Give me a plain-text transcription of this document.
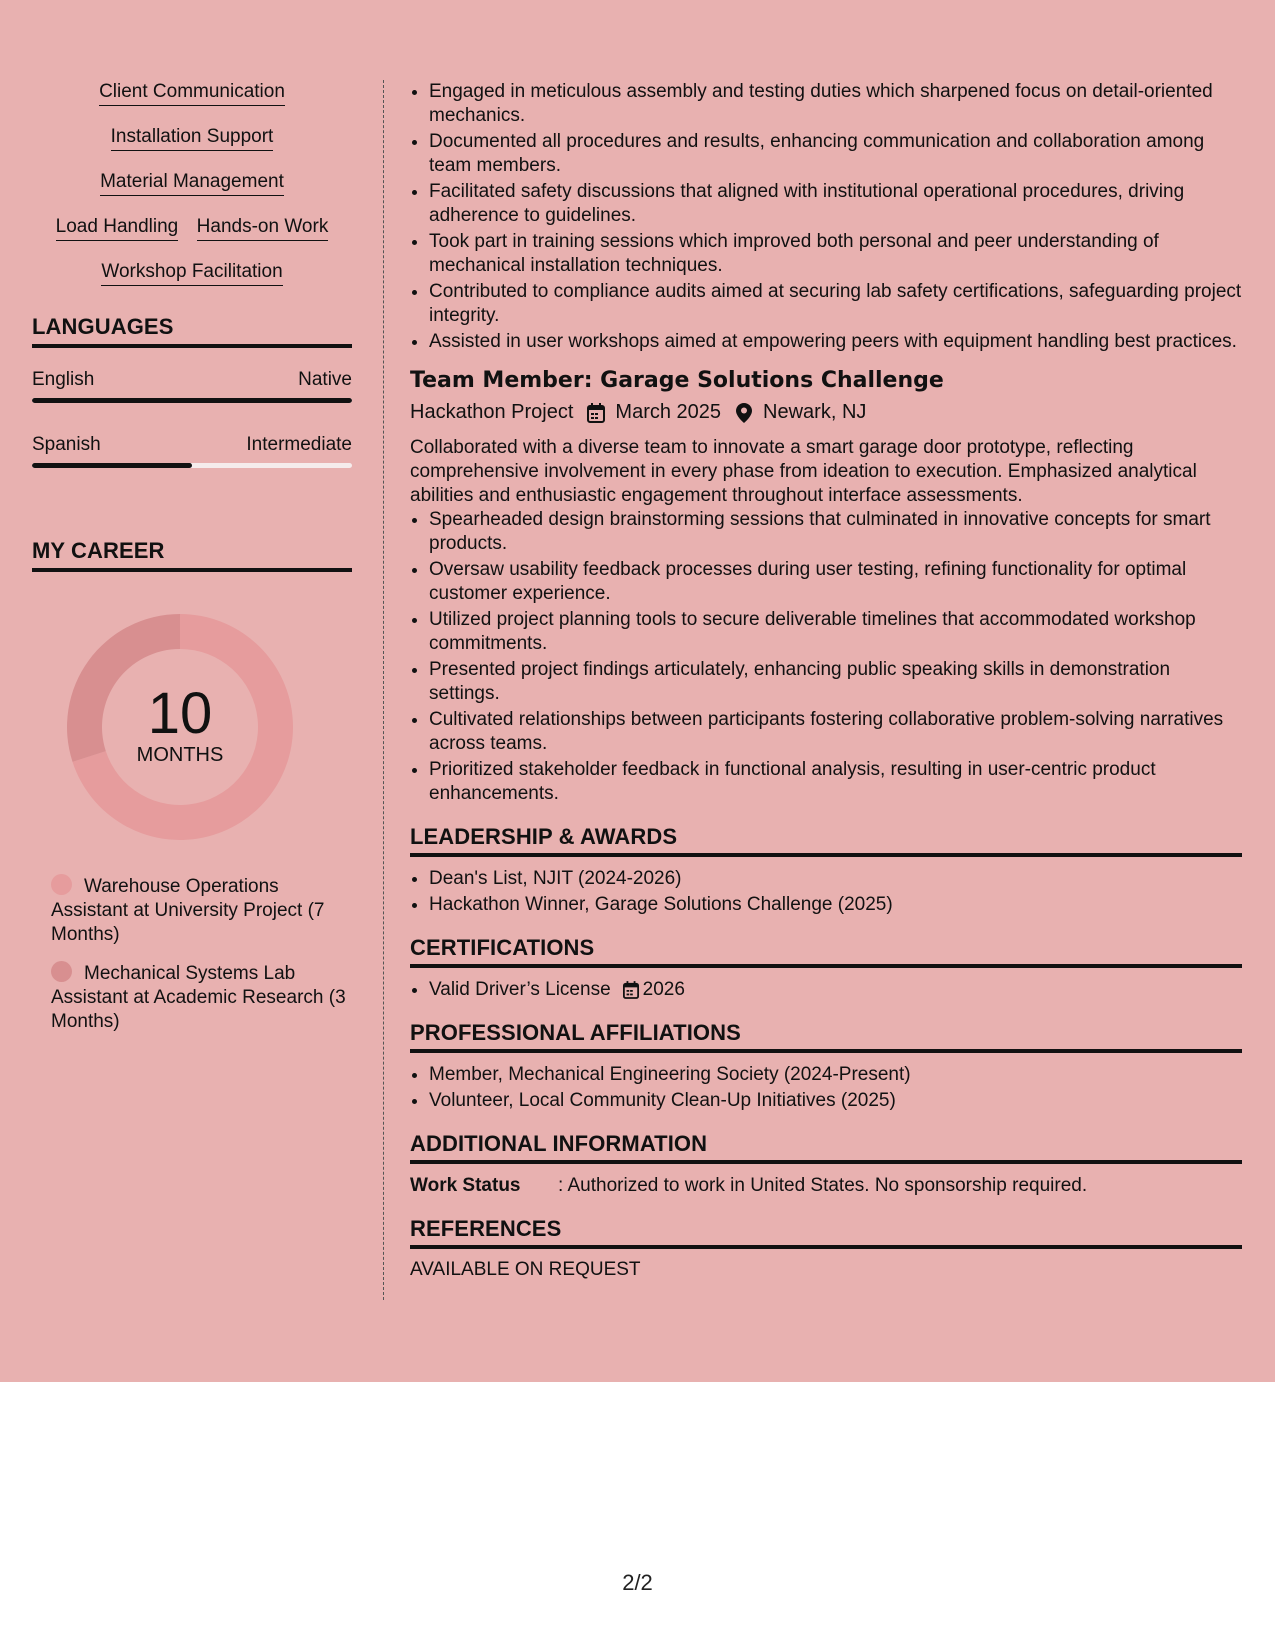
Client Communication
Installation Support
Material Management
Load Handling Hands-on Work
Workshop Facilitation
LANGUAGES
English	Native
Spanish	Intermediate
MY CAREER
10
MONTHS
Warehouse Operations Assistant at University Project (7 Months)
Mechanical Systems Lab Assistant at Academic Research (3 Months)
• Engaged in meticulous assembly and testing duties which sharpened focus on detail-oriented mechanics.
• Documented all procedures and results, enhancing communication and collaboration among team members.
• Facilitated safety discussions that aligned with institutional operational procedures, driving adherence to guidelines.
• Took part in training sessions which improved both personal and peer understanding of mechanical installation techniques.
• Contributed to compliance audits aimed at securing lab safety certifications, safeguarding project integrity.
• Assisted in user workshops aimed at empowering peers with equipment handling best practices.
Team Member: Garage Solutions Challenge
Hackathon Project March 2025 Newark, NJ
Collaborated with a diverse team to innovate a smart garage door prototype, reflecting comprehensive involvement in every phase from ideation to execution. Emphasized analytical abilities and enthusiastic engagement throughout interface assessments.
• Spearheaded design brainstorming sessions that culminated in innovative concepts for smart products.
• Oversaw usability feedback processes during user testing, refining functionality for optimal customer experience.
• Utilized project planning tools to secure deliverable timelines that accommodated workshop commitments.
• Presented project findings articulately, enhancing public speaking skills in demonstration settings.
• Cultivated relationships between participants fostering collaborative problem-solving narratives across teams.
• Prioritized stakeholder feedback in functional analysis, resulting in user-centric product enhancements.
LEADERSHIP & AWARDS
• Dean's List, NJIT (2024-2026)
• Hackathon Winner, Garage Solutions Challenge (2025)
CERTIFICATIONS
• Valid Driver’s License 2026
PROFESSIONAL AFFILIATIONS
• Member, Mechanical Engineering Society (2024-Present)
• Volunteer, Local Community Clean-Up Initiatives (2025)
ADDITIONAL INFORMATION
Work Status : Authorized to work in United States. No sponsorship required.
REFERENCES
AVAILABLE ON REQUEST
2/2
